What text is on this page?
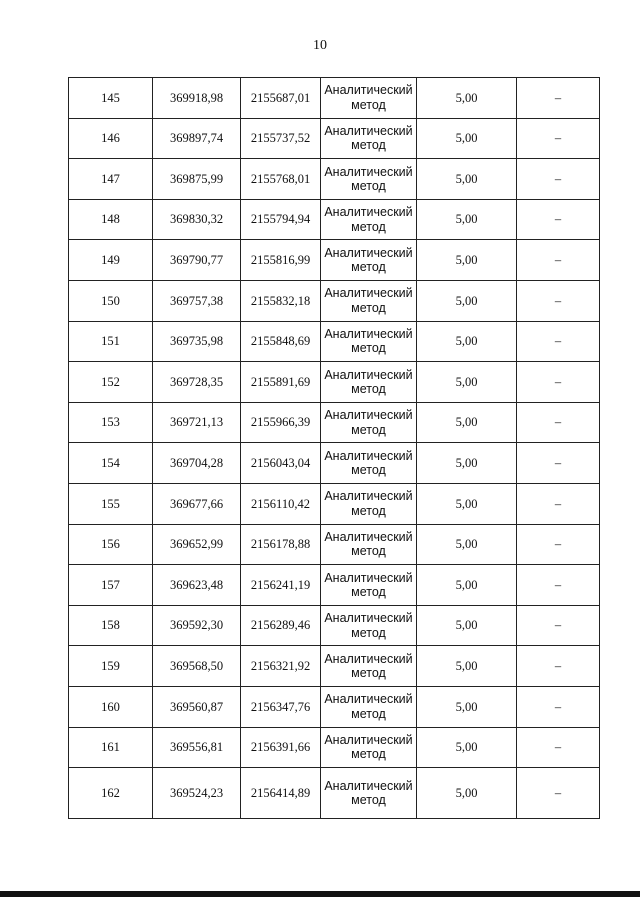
10
145	369918,98	2155687,01	Аналитический метод	5,00	–
146	369897,74	2155737,52	Аналитический метод	5,00	–
147	369875,99	2155768,01	Аналитический метод	5,00	–
148	369830,32	2155794,94	Аналитический метод	5,00	–
149	369790,77	2155816,99	Аналитический метод	5,00	–
150	369757,38	2155832,18	Аналитический метод	5,00	–
151	369735,98	2155848,69	Аналитический метод	5,00	–
152	369728,35	2155891,69	Аналитический метод	5,00	–
153	369721,13	2155966,39	Аналитический метод	5,00	–
154	369704,28	2156043,04	Аналитический метод	5,00	–
155	369677,66	2156110,42	Аналитический метод	5,00	–
156	369652,99	2156178,88	Аналитический метод	5,00	–
157	369623,48	2156241,19	Аналитический метод	5,00	–
158	369592,30	2156289,46	Аналитический метод	5,00	–
159	369568,50	2156321,92	Аналитический метод	5,00	–
160	369560,87	2156347,76	Аналитический метод	5,00	–
161	369556,81	2156391,66	Аналитический метод	5,00	–
162	369524,23	2156414,89	Аналитический метод	5,00	–
